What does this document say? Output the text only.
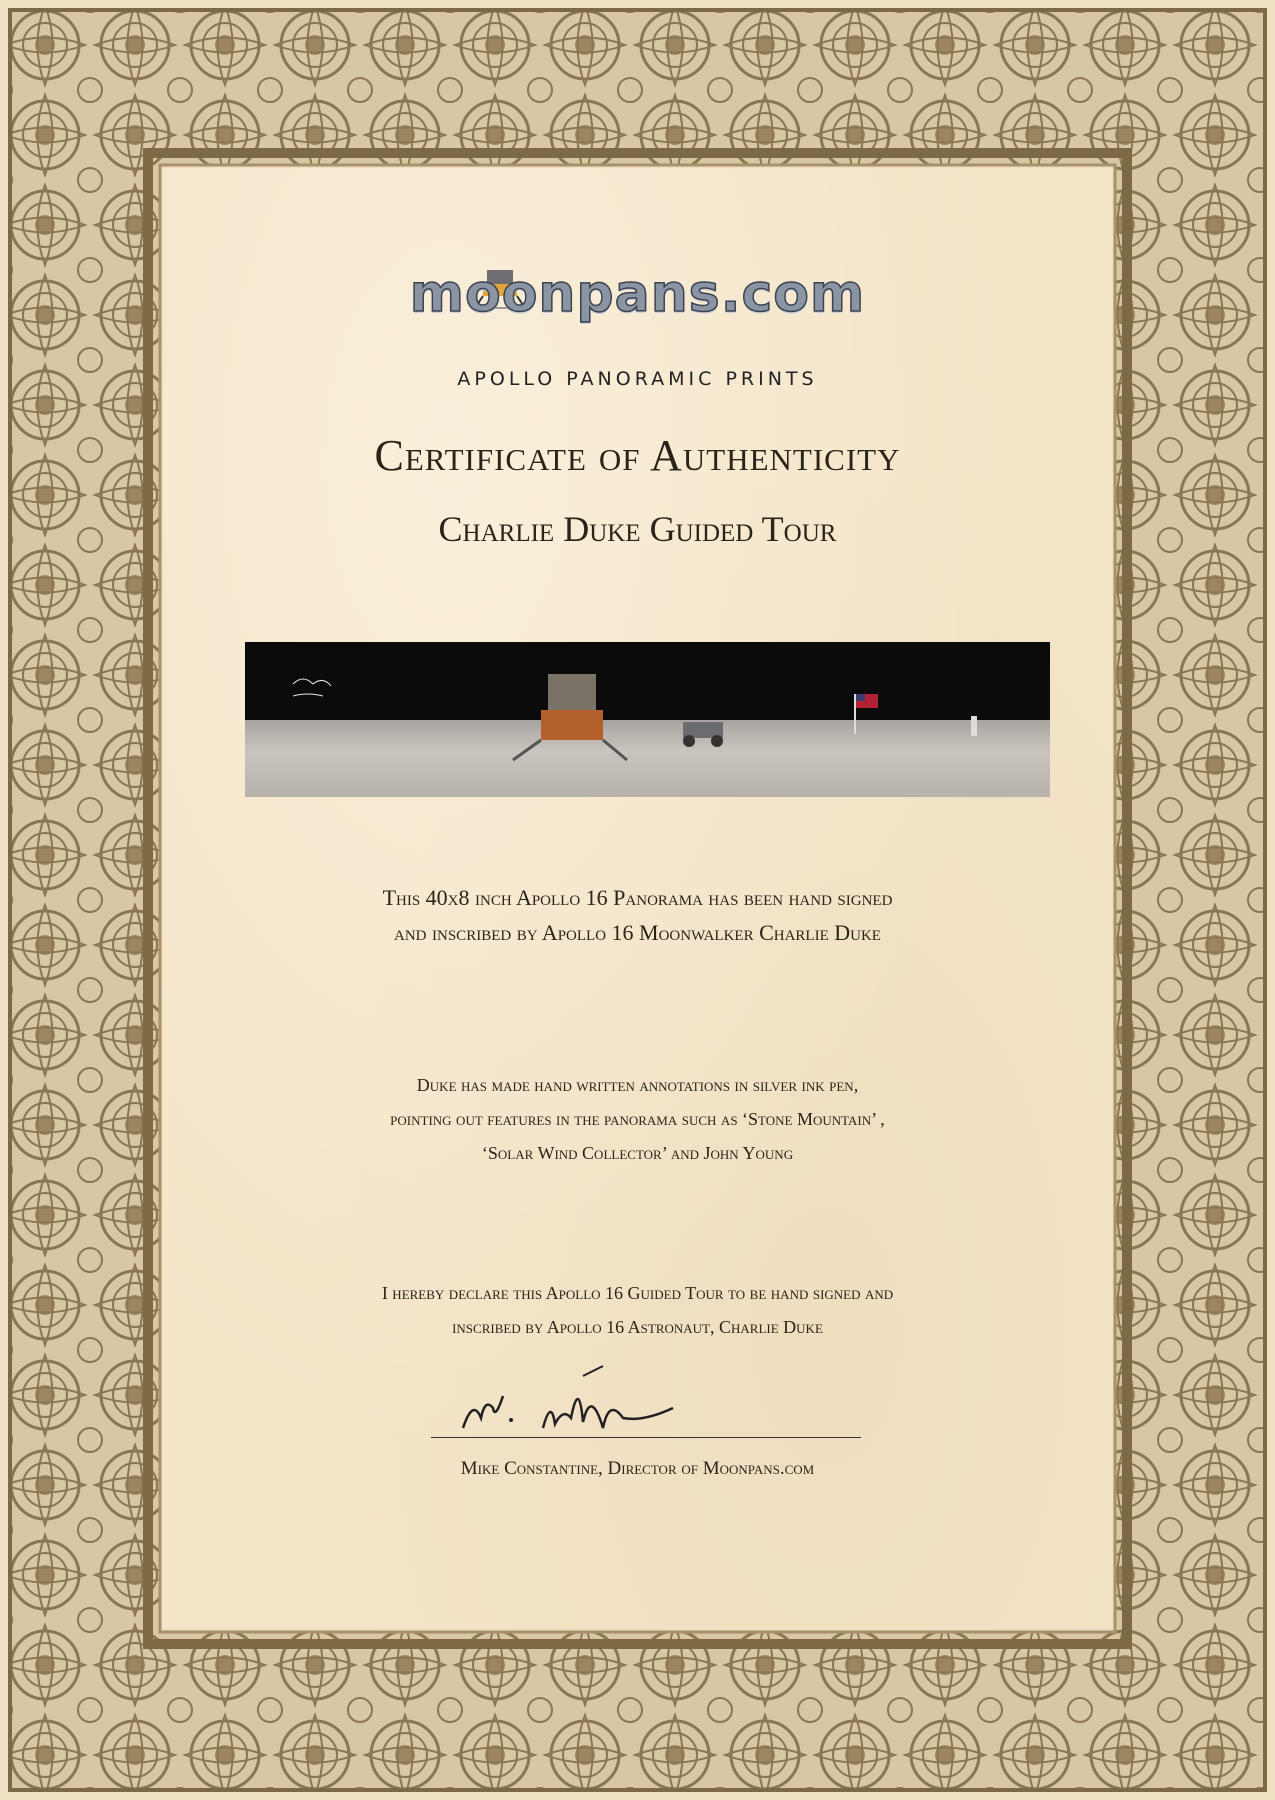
moonpans.com
APOLLO PANORAMIC PRINTS
Certificate of Authenticity
Charlie Duke Guided Tour
This 40x8 inch Apollo 16 Panorama has been hand signed
and inscribed by Apollo 16 Moonwalker Charlie Duke
Duke has made hand written annotations in silver ink pen,
pointing out features in the panorama such as ‘Stone Mountain’ ,
‘Solar Wind Collector’ and John Young
I hereby declare this Apollo 16 Guided Tour to be hand signed and
inscribed by Apollo 16 Astronaut, Charlie Duke
Mike Constantine, Director of Moonpans.com
